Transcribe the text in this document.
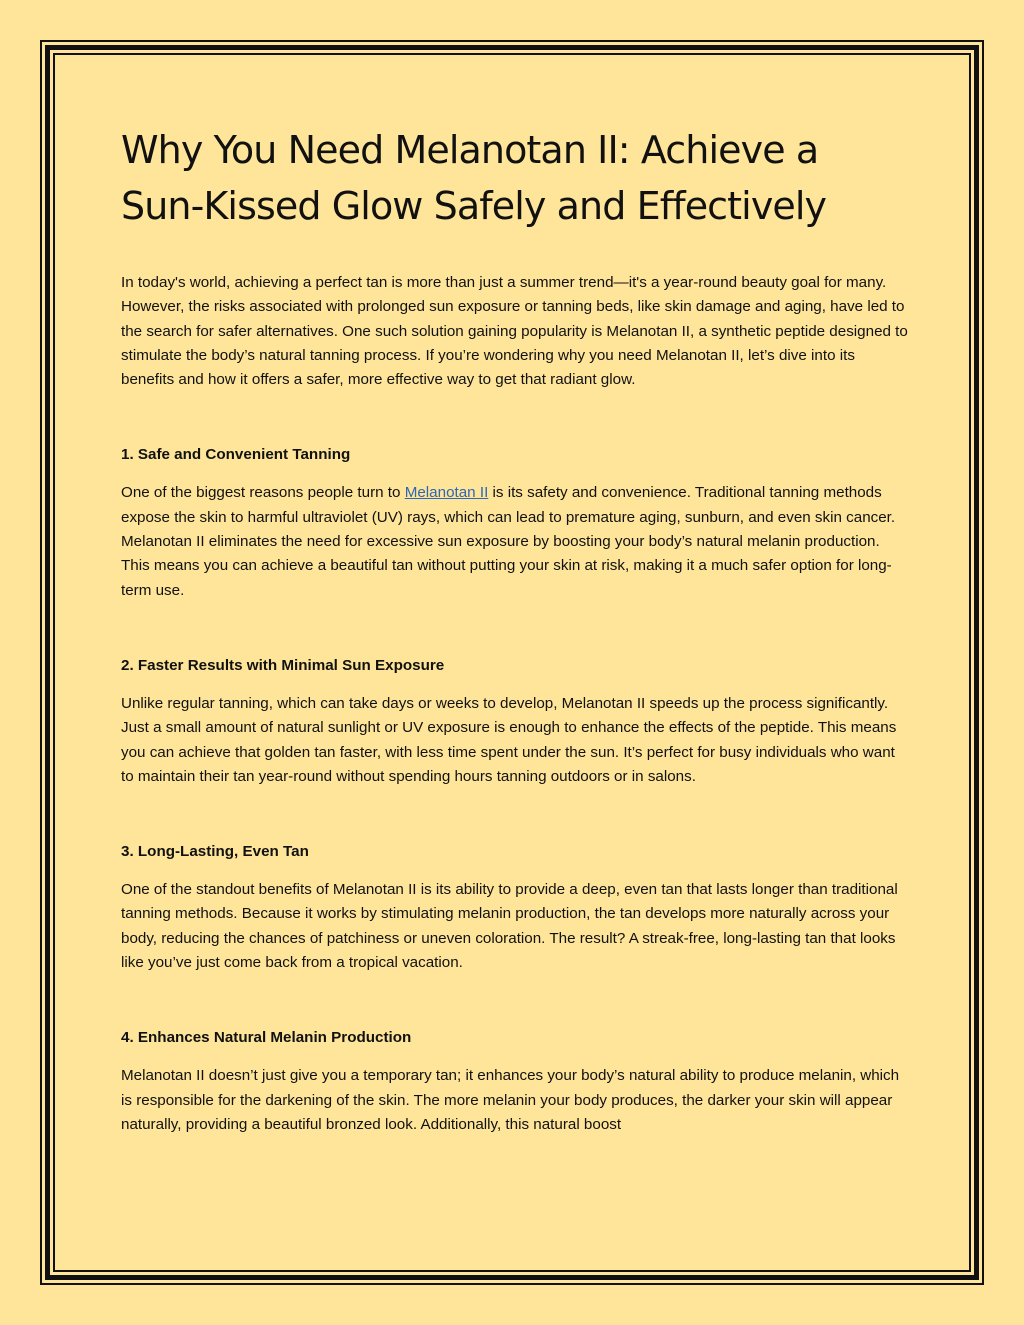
Why You Need Melanotan II: Achieve a Sun-Kissed Glow Safely and Effectively

In today's world, achieving a perfect tan is more than just a summer trend—it's a year-round beauty goal for many. However, the risks associated with prolonged sun exposure or tanning beds, like skin damage and aging, have led to the search for safer alternatives. One such solution gaining popularity is Melanotan II, a synthetic peptide designed to stimulate the body’s natural tanning process. If you’re wondering why you need Melanotan II, let’s dive into its benefits and how it offers a safer, more effective way to get that radiant glow.

1. Safe and Convenient Tanning

One of the biggest reasons people turn to Melanotan II is its safety and convenience. Traditional tanning methods expose the skin to harmful ultraviolet (UV) rays, which can lead to premature aging, sunburn, and even skin cancer. Melanotan II eliminates the need for excessive sun exposure by boosting your body’s natural melanin production. This means you can achieve a beautiful tan without putting your skin at risk, making it a much safer option for long-term use.

2. Faster Results with Minimal Sun Exposure

Unlike regular tanning, which can take days or weeks to develop, Melanotan II speeds up the process significantly. Just a small amount of natural sunlight or UV exposure is enough to enhance the effects of the peptide. This means you can achieve that golden tan faster, with less time spent under the sun. It’s perfect for busy individuals who want to maintain their tan year-round without spending hours tanning outdoors or in salons.

3. Long-Lasting, Even Tan

One of the standout benefits of Melanotan II is its ability to provide a deep, even tan that lasts longer than traditional tanning methods. Because it works by stimulating melanin production, the tan develops more naturally across your body, reducing the chances of patchiness or uneven coloration. The result? A streak-free, long-lasting tan that looks like you’ve just come back from a tropical vacation.

4. Enhances Natural Melanin Production

Melanotan II doesn’t just give you a temporary tan; it enhances your body’s natural ability to produce melanin, which is responsible for the darkening of the skin. The more melanin your body produces, the darker your skin will appear naturally, providing a beautiful bronzed look. Additionally, this natural boost
